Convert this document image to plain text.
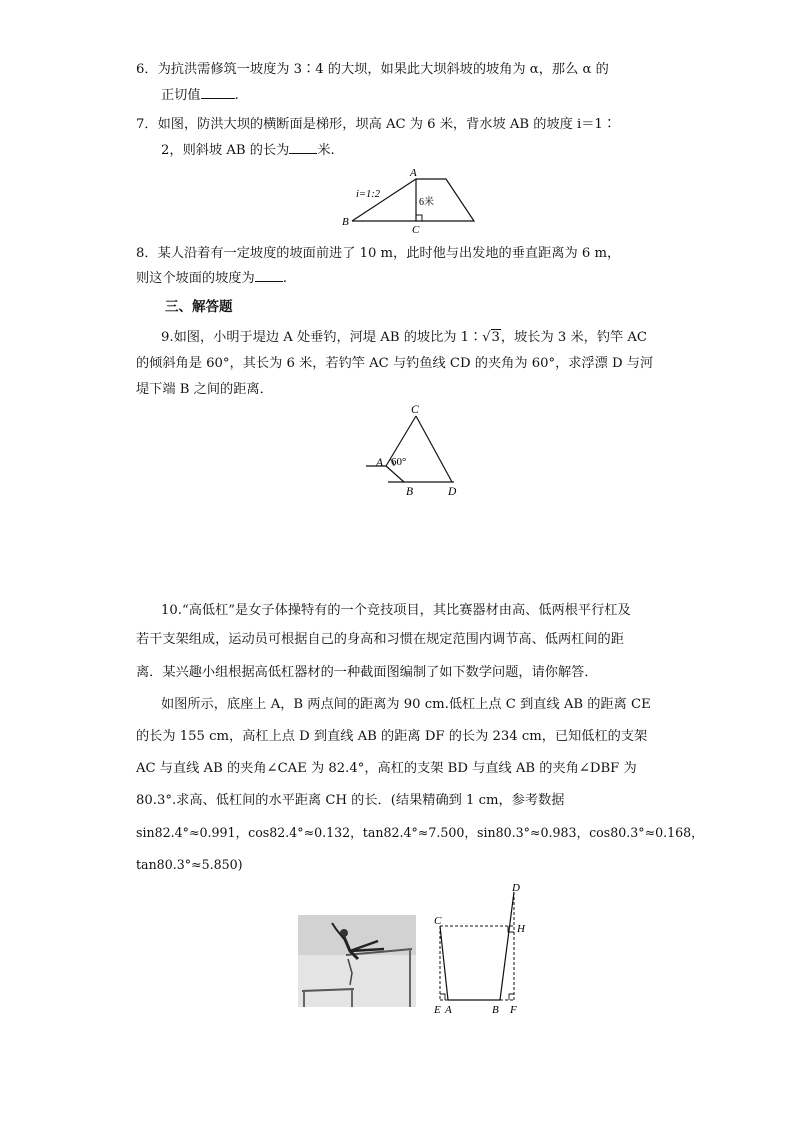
6．为抗洪需修筑一坡度为 3∶4 的大坝，如果此大坝斜坡的坡角为 α，那么 α 的
正切值	.
7．如图，防洪大坝的横断面是梯形，坝高 AC 为 6 米，背水坡 AB 的坡度 i＝1∶
2，则斜坡 AB 的长为 米.
A
B
C
i=1:2
6米
8．某人沿着有一定坡度的坡面前进了 10 m，此时他与出发地的垂直距离为 6 m，
则这个坡面的坡度为 .
三、解答题
9.如图，小明于堤边 A 处垂钓，河堤 AB 的坡比为 1∶√3，坡长为 3 米，钓竿 AC
的倾斜角是 60°，其长为 6 米，若钓竿 AC 与钓鱼线 CD 的夹角为 60°，求浮漂 D 与河
堤下端 B 之间的距离．
C
A 60°
B	D
10.“高低杠”是女子体操特有的一个竞技项目，其比赛器材由高、低两根平行杠及
若干支架组成，运动员可根据自己的身高和习惯在规定范围内调节高、低两杠间的距
离．某兴趣小组根据高低杠器材的一种截面图编制了如下数学问题，请你解答．
如图所示，底座上 A，B 两点间的距离为 90 cm.低杠上点 C 到直线 AB 的距离 CE
的长为 155 cm，高杠上点 D 到直线 AB 的距离 DF 的长为 234 cm，已知低杠的支架
AC 与直线 AB 的夹角∠CAE 为 82.4°，高杠的支架 BD 与直线 AB 的夹角∠DBF 为
80.3°.求高、低杠间的水平距离 CH 的长．(结果精确到 1 cm，参考数据
sin82.4°≈0.991，cos82.4°≈0.132，tan82.4°≈7.500，sin80.3°≈0.983，cos80.3°≈0.168，
tan80.3°≈5.850)
D
C
H
E A	B F
